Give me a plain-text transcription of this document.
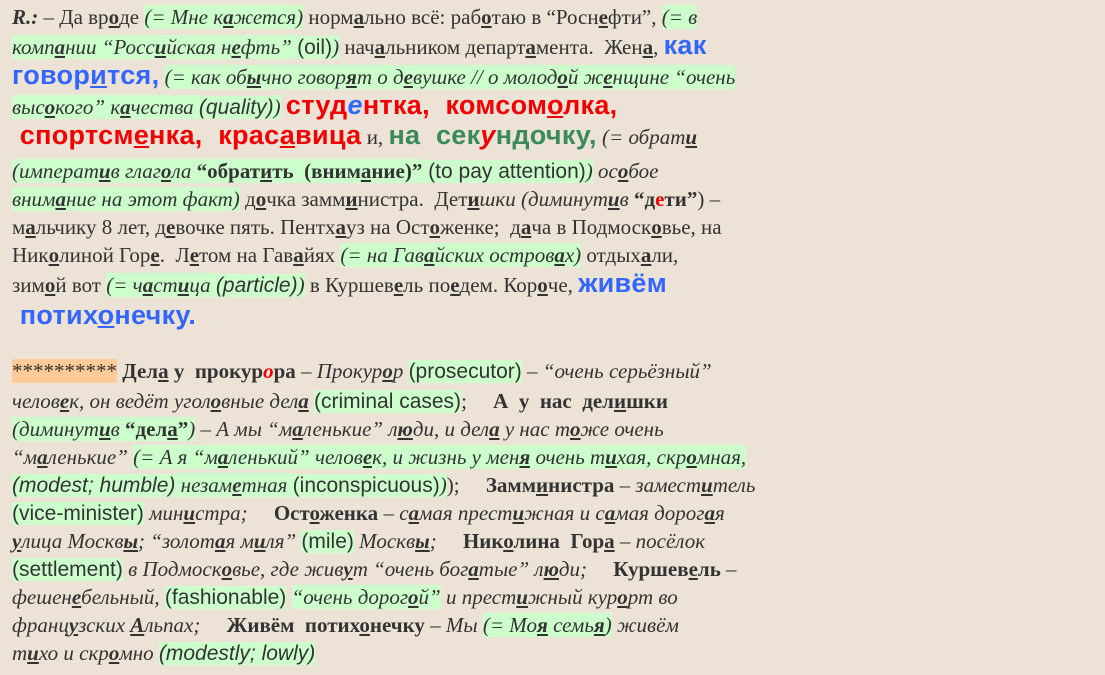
R.: – Да вроде (= Мне кажется) нормально всё: работаю в “Роснефти”, (= в
компании “Российская нефть” (oil)) начальником департамента.  Жена, как
говорится, (= как обычно говорят о девушке // о молодой женщине “очень
высокого” качества (quality)) студентка,  комсомолка,
спортсменка,  красавица и, на  секундочку, (= обрати
(императив глагола “обратить  (внимание)” (to pay attention)) особое
внимание на этот факт) дочка замминистра.  Детишки (диминутив “дети”) –
мальчику 8 лет, девочке пять. Пентхауз на Остоженке;  дача в Подмосковье, на
Николиной Горе.  Летом на Гавайях (= на Гавайских островах) отдыхали,
зимой вот (= частица (particle)) в Куршевель поедем. Короче, живём
потихонечку.
********** Дела у  прокурора – Прокурор (prosecutor) – “очень серьёзный”
человек, он ведёт уголовные дела (criminal cases);     А  у  нас  делишки
(диминутив “дела”) – А мы “маленькие” люди, и дела у нас тоже очень
“маленькие” (= А я “маленький” человек, и жизнь у меня очень тихая, скромная,
(modest; humble) незаметная (inconspicuous)));     Замминистра – заместитель
(vice-minister) министра;     Остоженка – самая престижная и самая дорогая
улица Москвы; “золотая миля” (mile) Москвы;     Николина  Гора – посёлок
(settlement) в Подмосковье, где живут “очень богатые” люди;     Куршевель –
фешенебельный, (fashionable) “очень дорогой” и престижный курорт во
французских Альпах;     Живём  потихонечку – Мы (= Моя семья) живём
тихо и скромно (modestly; lowly)
